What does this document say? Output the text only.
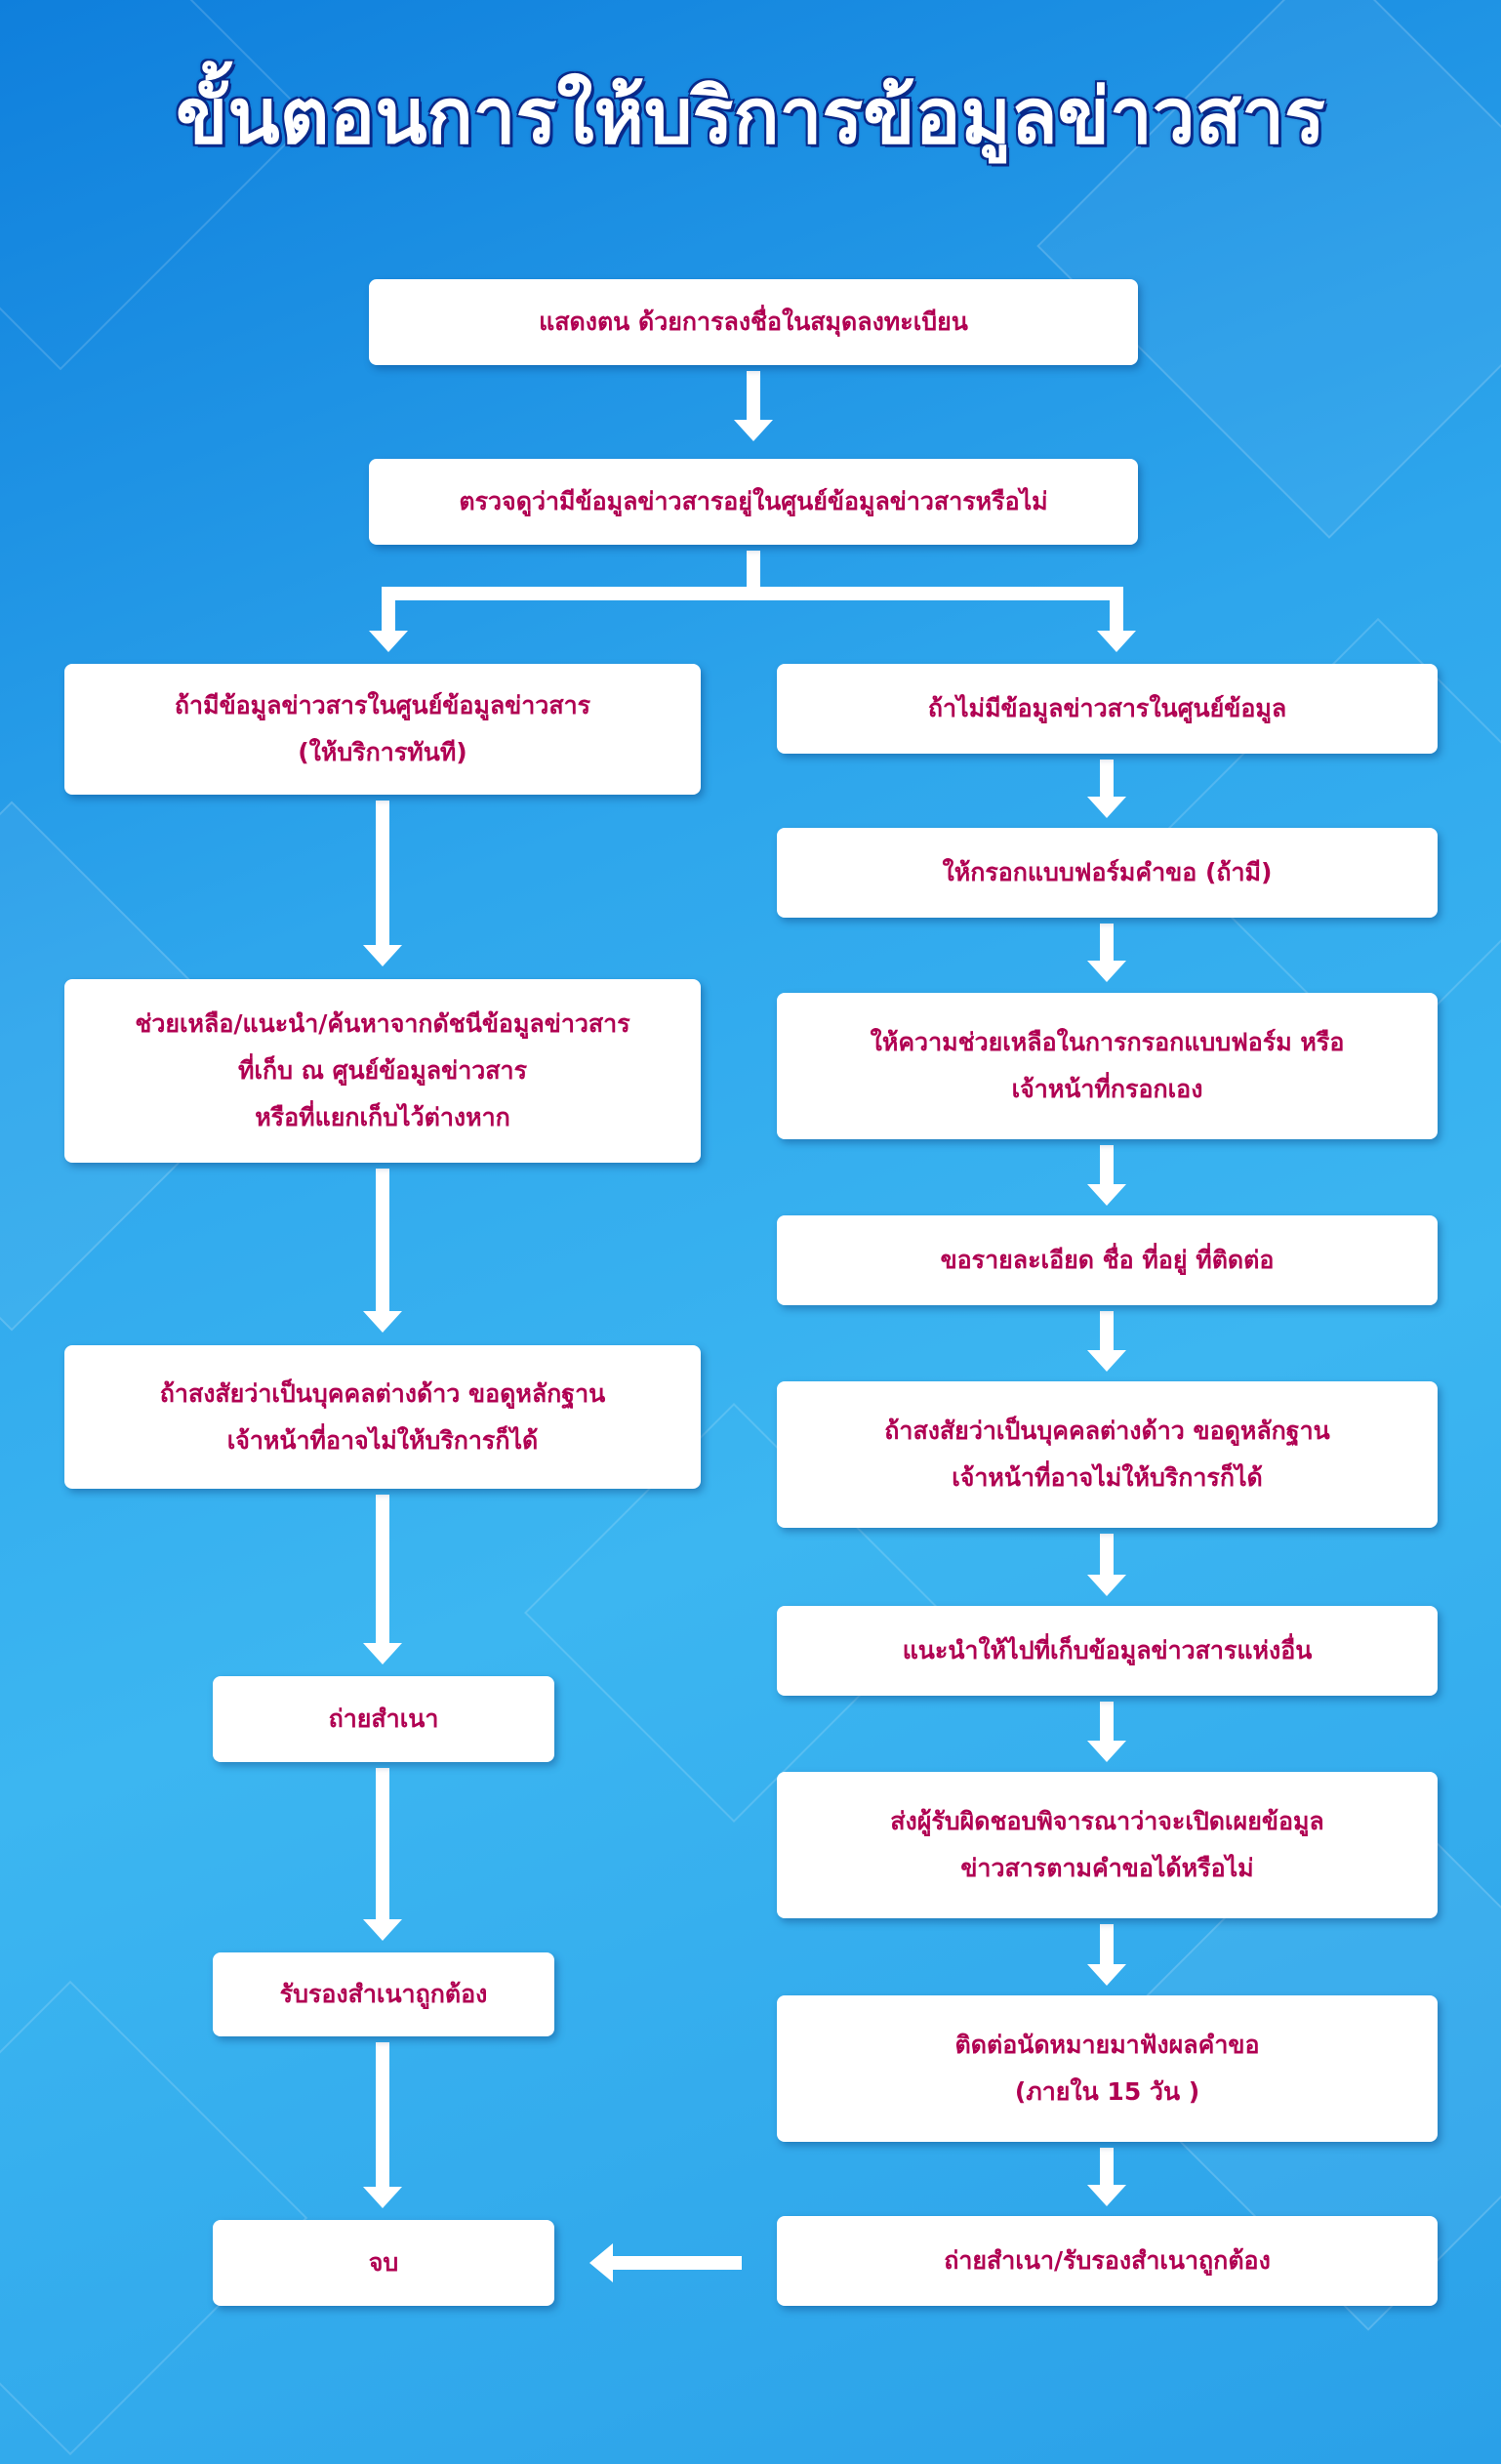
ขั้นตอนการให้บริการข้อมูลข่าวสาร
แสดงตน ด้วยการลงชื่อในสมุดลงทะเบียน
ตรวจดูว่ามีข้อมูลข่าวสารอยู่ในศูนย์ข้อมูลข่าวสารหรือไม่
ถ้ามีข้อมูลข่าวสารในศูนย์ข้อมูลข่าวสาร
(ให้บริการทันที)
ช่วยเหลือ/แนะนำ/ค้นหาจากดัชนีข้อมูลข่าวสาร
ที่เก็บ ณ ศูนย์ข้อมูลข่าวสาร
หรือที่แยกเก็บไว้ต่างหาก
ถ้าสงสัยว่าเป็นบุคคลต่างด้าว ขอดูหลักฐาน
เจ้าหน้าที่อาจไม่ให้บริการก็ได้
ถ่ายสำเนา
รับรองสำเนาถูกต้อง
จบ
ถ้าไม่มีข้อมูลข่าวสารในศูนย์ข้อมูล
ให้กรอกแบบฟอร์มคำขอ (ถ้ามี)
ให้ความช่วยเหลือในการกรอกแบบฟอร์ม หรือ
เจ้าหน้าที่กรอกเอง
ขอรายละเอียด ชื่อ ที่อยู่ ที่ติดต่อ
ถ้าสงสัยว่าเป็นบุคคลต่างด้าว ขอดูหลักฐาน
เจ้าหน้าที่อาจไม่ให้บริการก็ได้
แนะนำให้ไปที่เก็บข้อมูลข่าวสารแห่งอื่น
ส่งผู้รับผิดชอบพิจารณาว่าจะเปิดเผยข้อมูล
ข่าวสารตามคำขอได้หรือไม่
ติดต่อนัดหมายมาฟังผลคำขอ
(ภายใน 15 วัน )
ถ่ายสำเนา/รับรองสำเนาถูกต้อง
